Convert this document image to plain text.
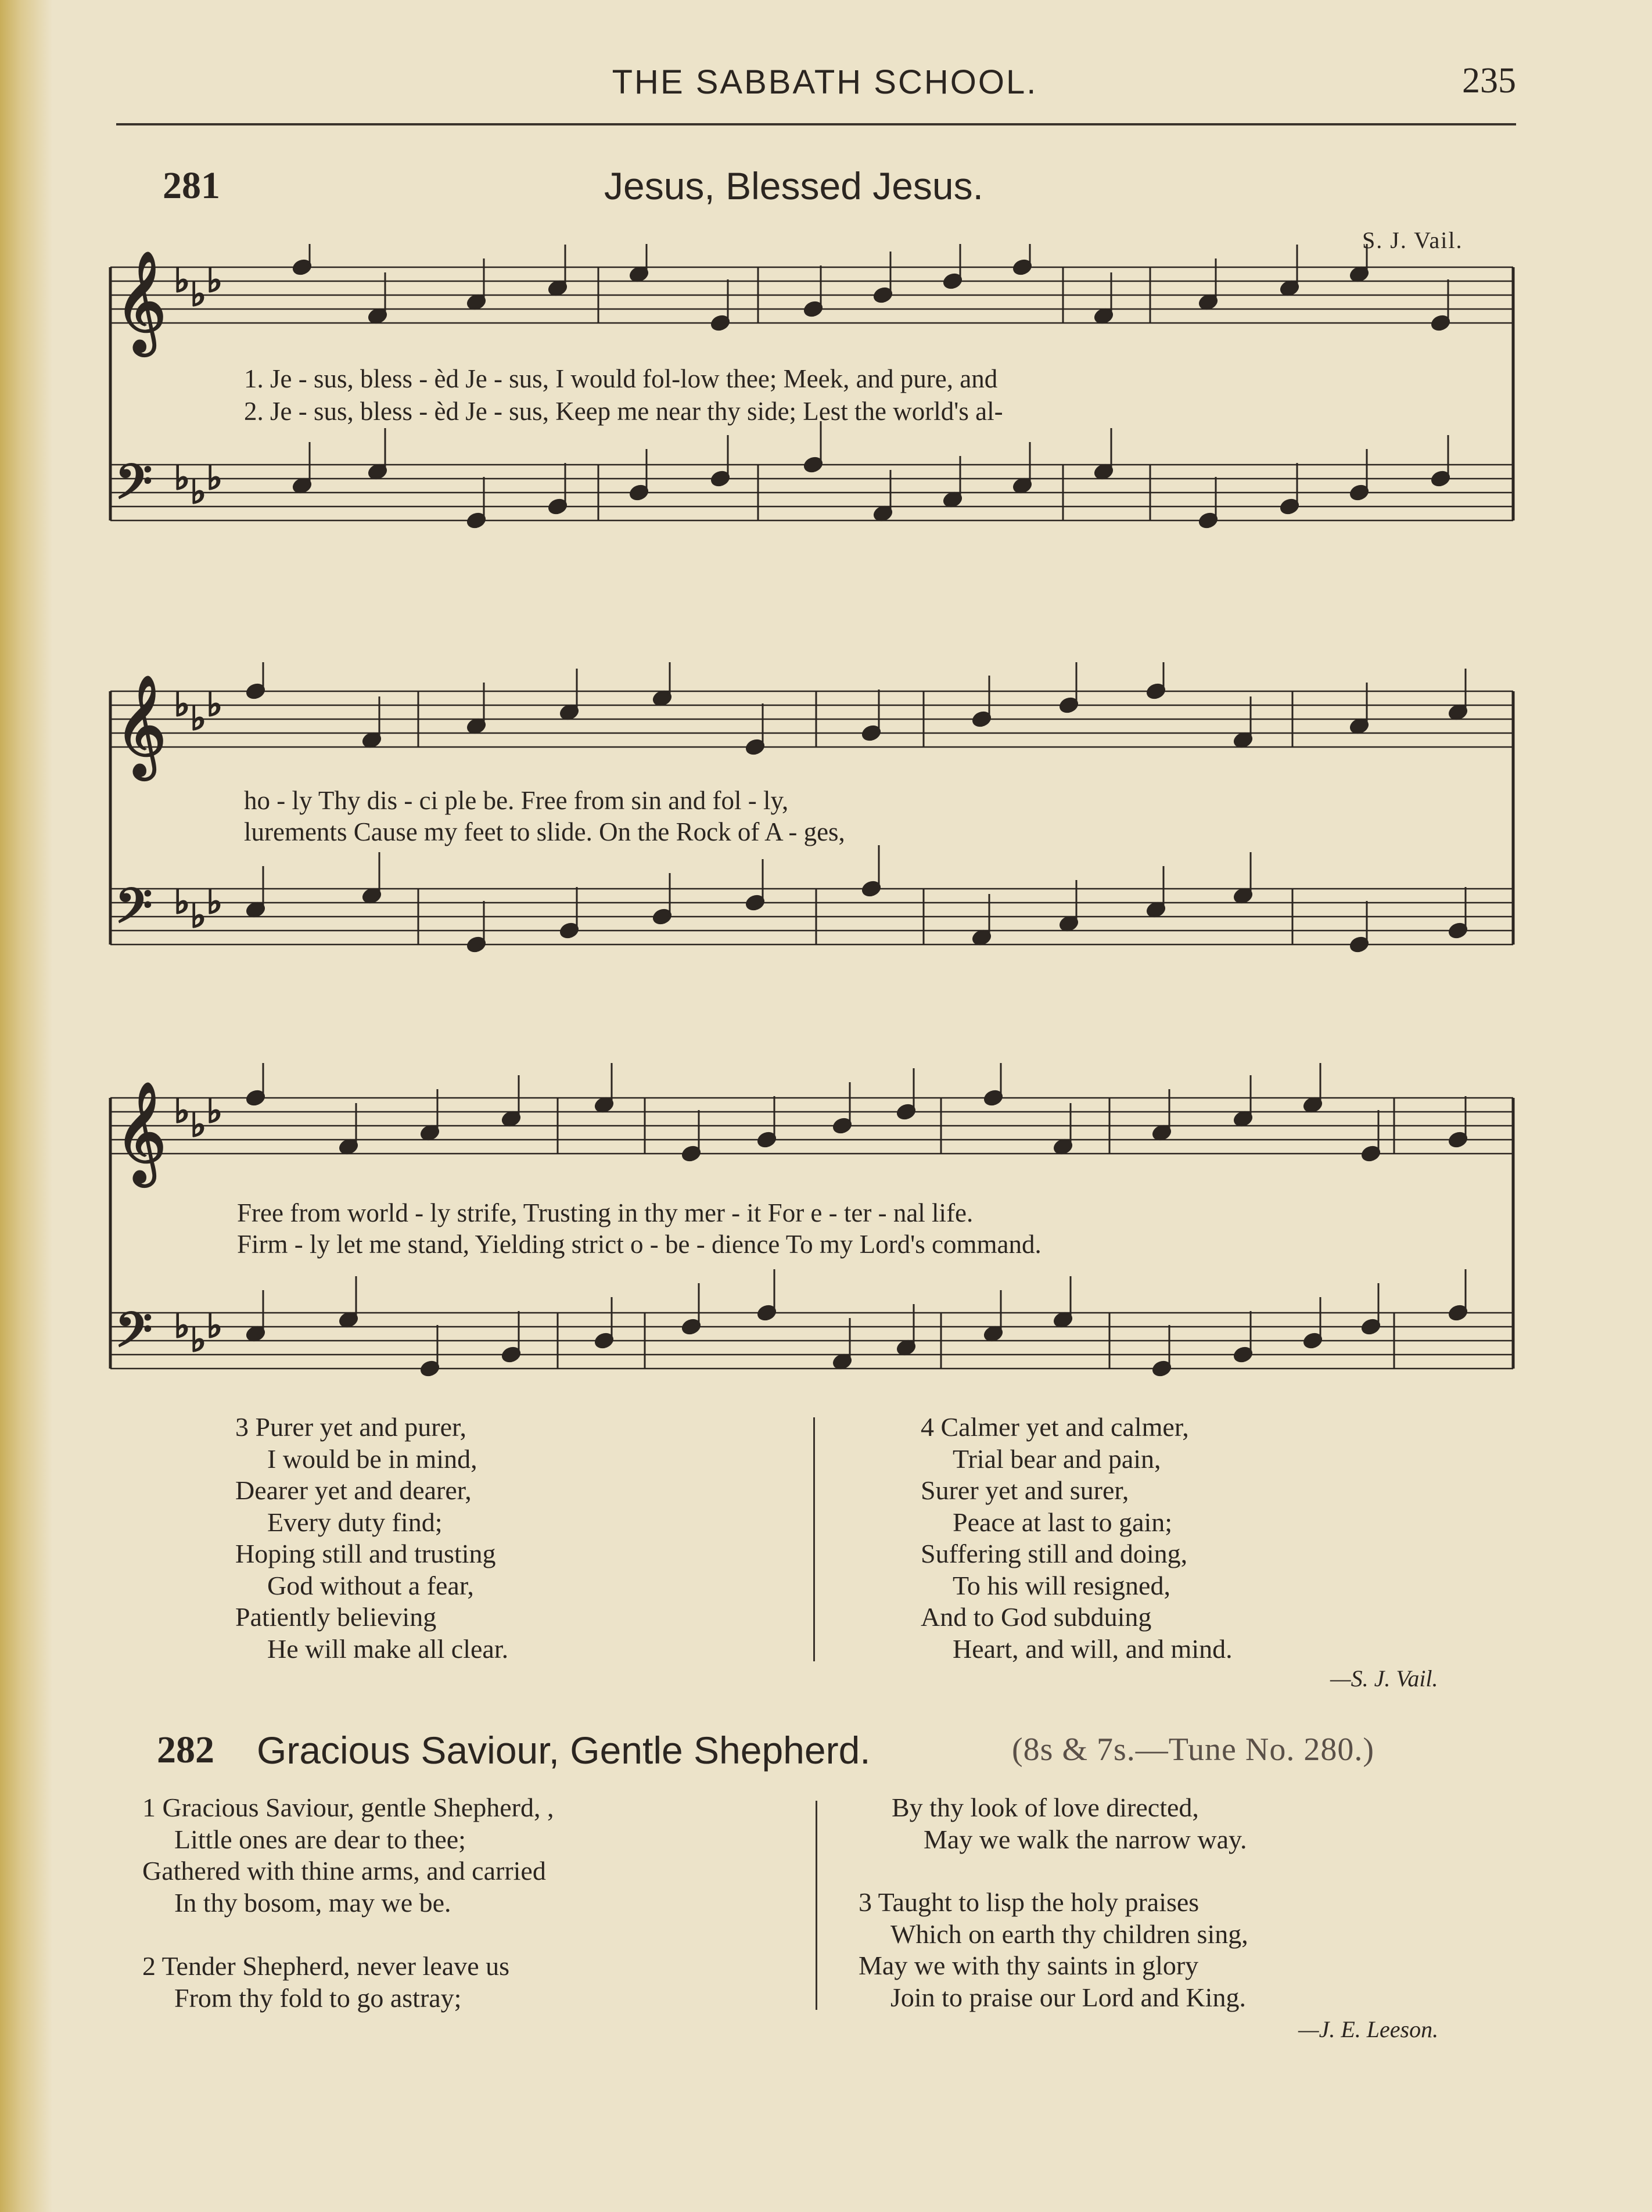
THE SABBATH SCHOOL.	235
281	Jesus, Blessed Jesus.
S. J. Vail.
𝄞 ♭ ♭ ♭
𝄢 ♭ ♭ ♭
1. Je - sus, bless - èd Je - sus, I would fol-low thee; Meek, and pure, and
2. Je - sus, bless - èd Je - sus, Keep me near thy side; Lest the world's al-
𝄞 ♭ ♭ ♭
𝄢 ♭ ♭ ♭
ho - ly Thy dis - ci ple be. Free from sin and fol - ly,
lurements Cause my feet to slide. On the Rock of A - ges,
𝄞 ♭ ♭ ♭
𝄢 ♭ ♭ ♭
Free from world - ly strife, Trusting in thy mer - it For e - ter - nal life.
Firm - ly let me stand, Yielding strict o - be - dience To my Lord's command.
3 Purer yet and purer,
I would be in mind,
Dearer yet and dearer,
Every duty find;
Hoping still and trusting
God without a fear,
Patiently believing
He will make all clear.
4 Calmer yet and calmer,
Trial bear and pain,
Surer yet and surer,
Peace at last to gain;
Suffering still and doing,
To his will resigned,
And to God subduing
Heart, and will, and mind.
—S. J. Vail.
282 Gracious Saviour, Gentle Shepherd.	(8s & 7s.—Tune No. 280.)
1 Gracious Saviour, gentle Shepherd, ,
Little ones are dear to thee;
Gathered with thine arms, and carried
In thy bosom, may we be.
2 Tender Shepherd, never leave us
From thy fold to go astray;
By thy look of love directed,
May we walk the narrow way.
3 Taught to lisp the holy praises
Which on earth thy children sing,
May we with thy saints in glory
Join to praise our Lord and King.
—J. E. Leeson.
